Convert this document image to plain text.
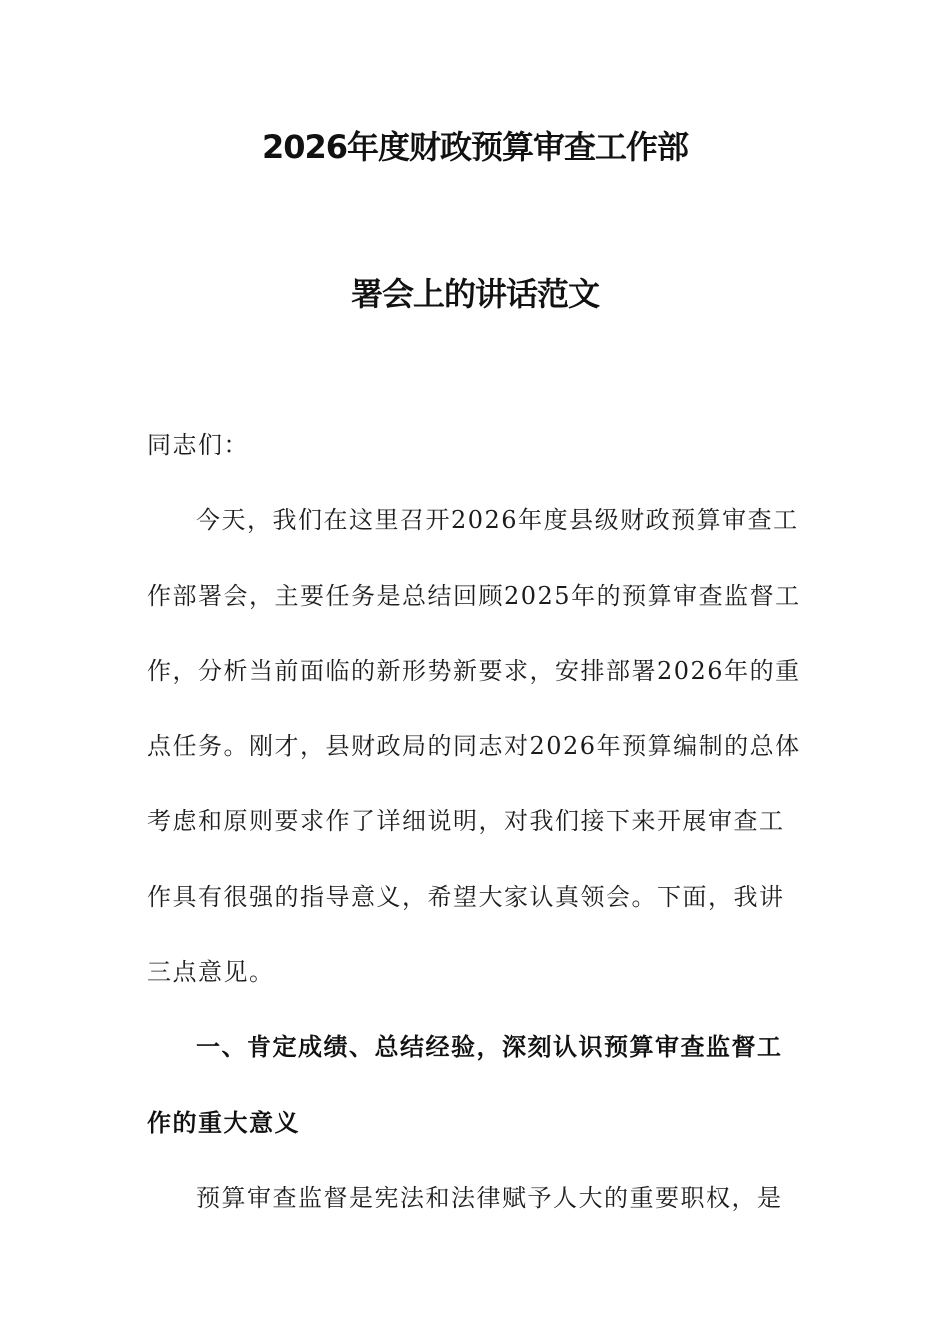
2026年度财政预算审查工作部
署会上的讲话范文
同志们：
今天，我们在这里召开2026年度县级财政预算审查工
作部署会，主要任务是总结回顾2025年的预算审查监督工
作，分析当前面临的新形势新要求，安排部署2026年的重
点任务。刚才，县财政局的同志对2026年预算编制的总体
考虑和原则要求作了详细说明，对我们接下来开展审查工
作具有很强的指导意义，希望大家认真领会。下面，我讲
三点意见。
一、肯定成绩、总结经验，深刻认识预算审查监督工
作的重大意义
预算审查监督是宪法和法律赋予人大的重要职权，是
